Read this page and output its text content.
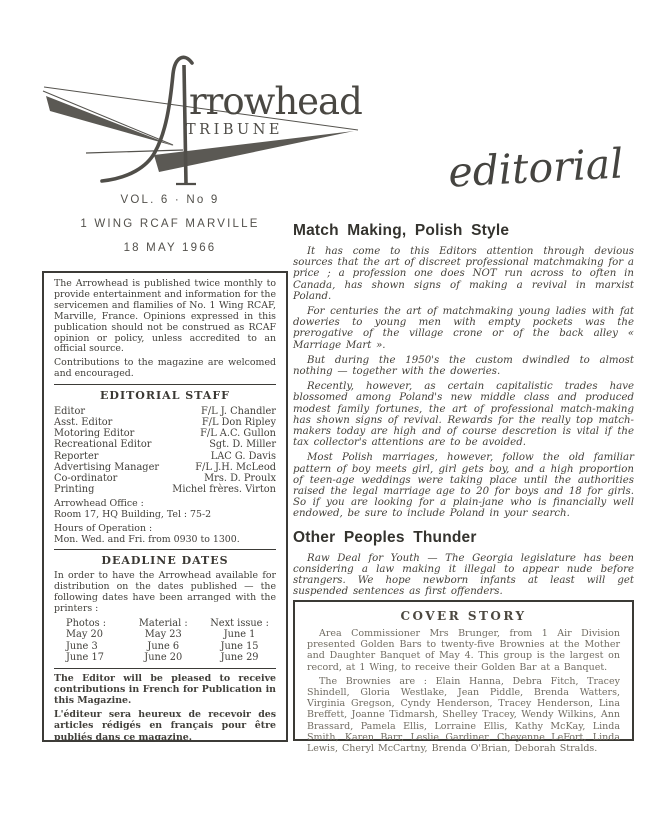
rrowhead
TRIBUNE
editorial
VOL. 6 · No 9
1 WING RCAF MARVILLE
18 MAY 1966

The Arrowhead is published twice monthly to provide entertainment and information for the servicemen and flamilies of No. 1 Wing RCAF, Marville, France. Opinions expressed in this publication should not be construed as RCAF opinion or policy, unless accredited to an official source.

Contributions to the magazine are welcomed and encouraged.

EDITORIAL STAFF
Editor	F/L J. Chandler
Asst. Editor	F/L Don Ripley
Motoring Editor	F/L A.C. Gullon
Recreational Editor	Sgt. D. Miller
Reporter	LAC G. Davis
Advertising Manager	F/L J.H. McLeod
Co-ordinator	Mrs. D. Proulx
Printing	Michel frères. Virton
Arrowhead Office :
Room 17, HQ Building, Tel : 75-2
Hours of Operation :
Mon. Wed. and Fri. from 0930 to 1300.
DEADLINE DATES

In order to have the Arrowhead available for distribution on the dates published — the following dates have been arranged with the printers :

Photos :	Material :	Next issue :
May 20	May 23	June 1
June 3	June 6	June 15
June 17	June 20	June 29

The Editor will be pleased to receive contributions in French for Publication in this Magazine.

L'éditeur sera heureux de recevoir des articles rédigés en français pour être publiés dans ce magazine.

Match Making, Polish Style

It has come to this Editors attention through devious sources that the art of discreet professional matchmaking for a price ; a profession one does NOT run across to often in Canada, has shown signs of making a revival in marxist Poland.

For centuries the art of matchmaking young ladies with fat doweries to young men with empty pockets was the prerogative of the village crone or of the back alley « Marriage Mart ».

But during the 1950's the custom dwindled to almost nothing — together with the doweries.

Recently, however, as certain capitalistic trades have blossomed among Poland's new middle class and produced modest family fortunes, the art of professional match-making has shown signs of revival. Rewards for the really top match-makers today are high and of course descretion is vital if the tax collector's attentions are to be avoided.

Most Polish marriages, however, follow the old familiar pattern of boy meets girl, girl gets boy, and a high proportion of teen-age weddings were taking place until the authorities raised the legal marriage age to 20 for boys and 18 for girls. So if you are looking for a plain-jane who is financially well endowed, be sure to include Poland in your search.

Other Peoples Thunder

Raw Deal for Youth — The Georgia legislature has been considering a law making it illegal to appear nude before strangers. We hope newborn infants at least will get suspended sentences as first offenders.

COVER STORY

Area Commissioner Mrs Brunger, from 1 Air Division presented Golden Bars to twenty-five Brownies at the Mother and Daughter Banquet of May 4. This group is the largest on record, at 1 Wing, to receive their Golden Bar at a Banquet.

The Brownies are : Elain Hanna, Debra Fitch, Tracey Shindell, Gloria Westlake, Jean Piddle, Brenda Watters, Virginia Gregson, Cyndy Henderson, Tracey Henderson, Lina Breffett, Joanne Tidmarsh, Shelley Tracey, Wendy Wilkins, Ann Brassard, Pamela Ellis, Lorraine Ellis, Kathy McKay, Linda Smith, Karen Barr, Leslie Gardiner, Cheyenne LeFort, Linda Lewis, Cheryl McCartny, Brenda O'Brian, Deborah Stralds.
